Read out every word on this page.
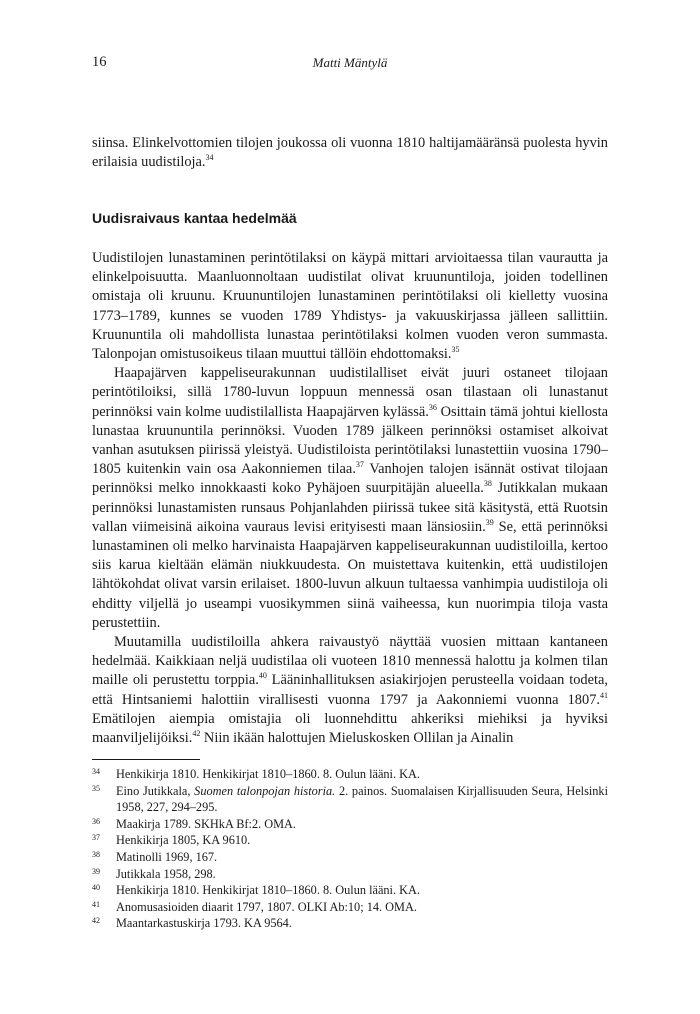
16	Matti Mäntylä

siinsa. Elinkelvottomien tilojen joukossa oli vuonna 1810 haltijamääränsä puolesta hyvin erilaisia uudistiloja.$^{34}$

Uudisraivaus kantaa hedelmää

Uudistilojen lunastaminen perintötilaksi on käypä mittari arvioitaessa tilan vaurautta ja elinkelpoisuutta. Maanluonnoltaan uudistilat olivat kruununtiloja, joiden todellinen omistaja oli kruunu. Kruununtilojen lunastaminen perintötilaksi oli kielletty vuosina 1773–1789, kunnes se vuoden 1789 Yhdistys- ja vakuuskirjassa jälleen sallittiin. Kruununtila oli mahdollista lunastaa perintötilaksi kolmen vuoden veron summasta. Talonpojan omistusoikeus tilaan muuttui tällöin ehdottomaksi.$^{35}$

Haapajärven kappeliseurakunnan uudistilalliset eivät juuri ostaneet tilojaan perintötiloiksi, sillä 1780-luvun loppuun mennessä osan tilastaan oli lunastanut perinnöksi vain kolme uudistilallista Haapajärven kylässä.$^{36}$ Osittain tämä johtui kiellosta lunastaa kruununtila perinnöksi. Vuoden 1789 jälkeen perinnöksi ostamiset alkoivat vanhan asutuksen piirissä yleistyä. Uudistiloista perintötilaksi lunastettiin vuosina 1790–1805 kuitenkin vain osa Aakonniemen tilaa.$^{37}$ Vanhojen talojen isännät ostivat tilojaan perinnöksi melko innokkaasti koko Pyhäjoen suurpitäjän alueella.$^{38}$ Jutikkalan mukaan perinnöksi lunastamisten runsaus Pohjanlahden piirissä tukee sitä käsitystä, että Ruotsin vallan viimeisinä aikoina vauraus levisi erityisesti maan länsiosiin.$^{39}$ Se, että perinnöksi lunastaminen oli melko harvinaista Haapajärven kappeliseurakunnan uudistiloilla, kertoo siis karua kieltään elämän niukkuudesta. On muistettava kuitenkin, että uudistilojen lähtökohdat olivat varsin erilaiset. 1800-luvun alkuun tultaessa vanhimpia uudistiloja oli ehditty viljellä jo useampi vuosikymmen siinä vaiheessa, kun nuorimpia tiloja vasta perustettiin.

Muutamilla uudistiloilla ahkera raivaustyö näyttää vuosien mittaan kantaneen hedelmää. Kaikkiaan neljä uudistilaa oli vuoteen 1810 mennessä halottu ja kolmen tilan maille oli perustettu torppia.$^{40}$ Lääninhallituksen asiakirjojen perusteella voidaan todeta, että Hintsaniemi halottiin virallisesti vuonna 1797 ja Aakonniemi vuonna 1807.41 Emätilojen aiempia omistajia oli luonnehdittu ahkeriksi miehiksi ja hyviksi maanviljelijöiksi.$^{42}$ Niin ikään halottujen Mieluskosken Ollilan ja Ainalin

34	Henkikirja 1810. Henkikirjat 1810–1860. 8. Oulun lääni. KA.
35	Eino Jutikkala, Suomen talonpojan historia. 2. painos. Suomalaisen Kirjallisuuden Seura, Helsinki 1958, 227, 294–295.
36	Maakirja 1789. SKHkA Bf:2. OMA.
37	Henkikirja 1805, KA 9610.
38	Matinolli 1969, 167.
39	Jutikkala 1958, 298.
40	Henkikirja 1810. Henkikirjat 1810–1860. 8. Oulun lääni. KA.
41	Anomusasioiden diaarit 1797, 1807. OLKI Ab:10; 14. OMA.
42	Maantarkastuskirja 1793. KA 9564.
